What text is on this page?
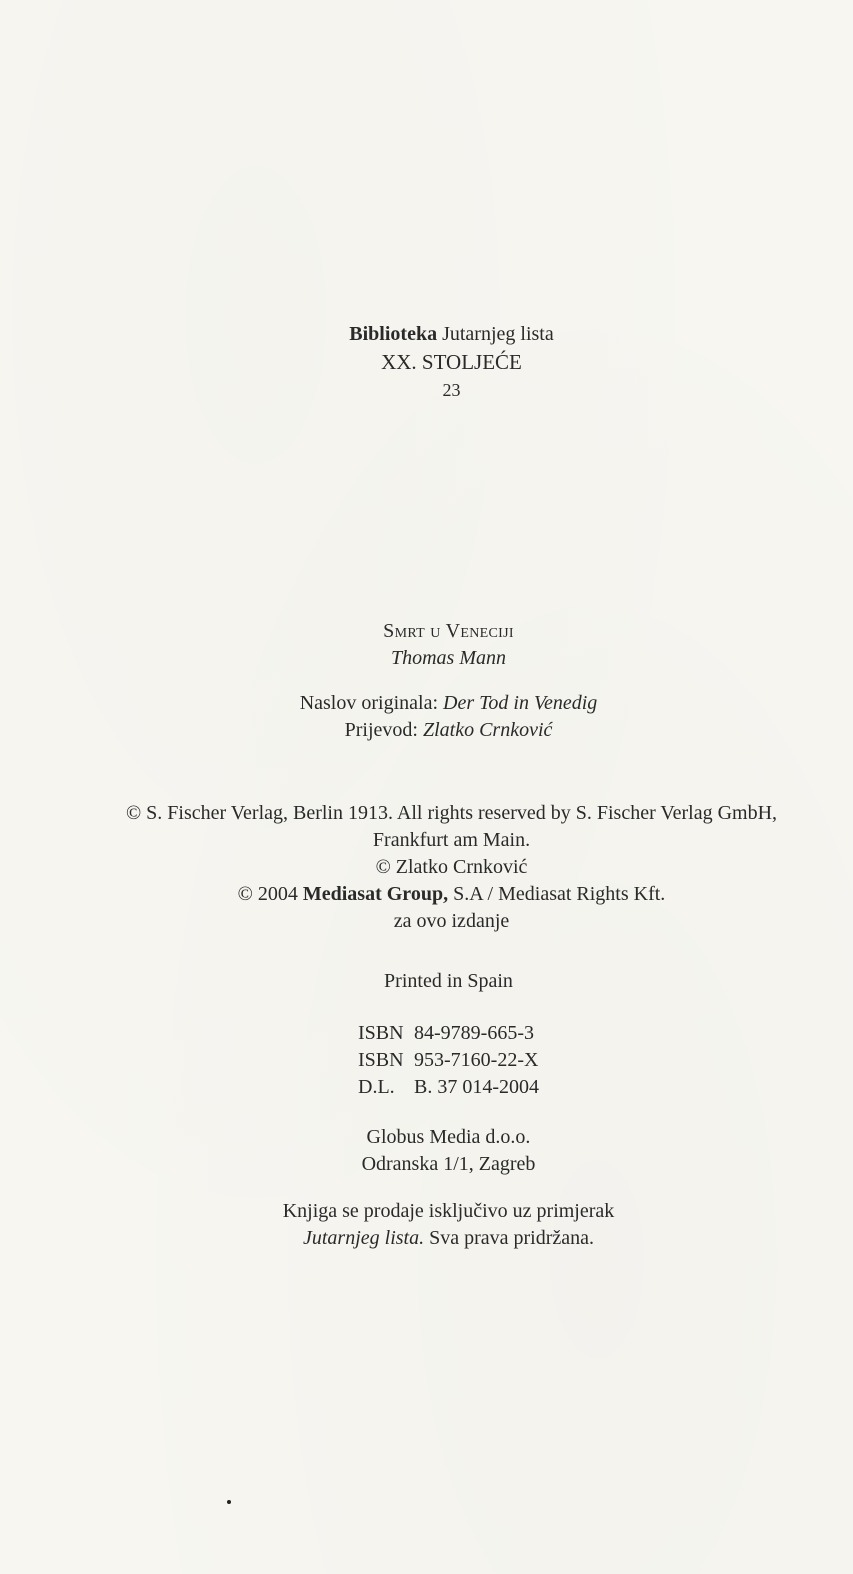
Biblioteka Jutarnjeg lista
XX. STOLJEĆE
23
Smrt u Veneciji
Thomas Mann
Naslov originala: Der Tod in Venedig
Prijevod: Zlatko Crnković
© S. Fischer Verlag, Berlin 1913. All rights reserved by S. Fischer Verlag GmbH,
Frankfurt am Main.
© Zlatko Crnković
© 2004 Mediasat Group, S.A / Mediasat Rights Kft.
za ovo izdanje
Printed in Spain
ISBN 84-9789-665-3
ISBN 953-7160-22-X
D.L. B. 37 014-2004
Globus Media d.o.o.
Odranska 1/1, Zagreb
Knjiga se prodaje isključivo uz primjerak
Jutarnjeg lista. Sva prava pridržana.
